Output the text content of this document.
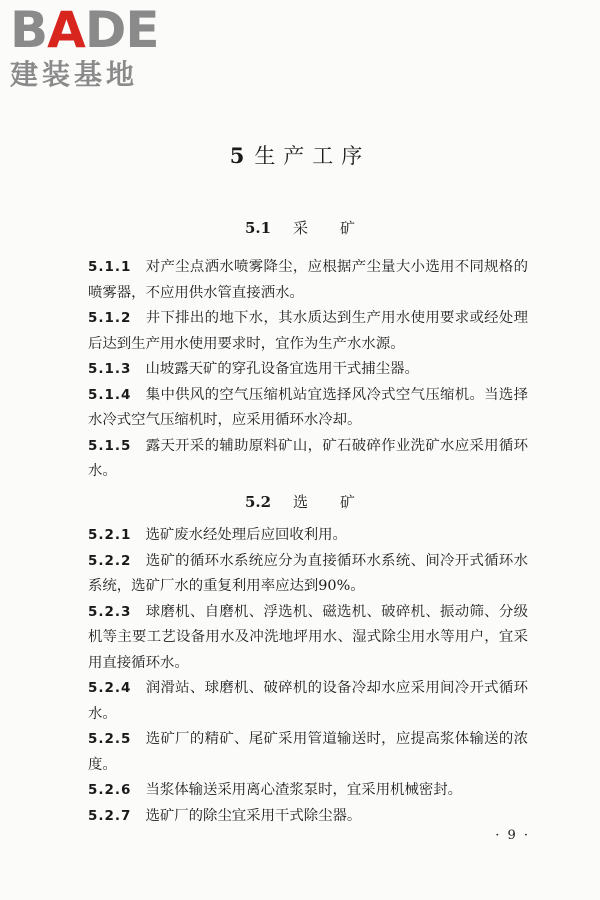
BADE
建装基地
5 生产工序
5.1 采矿
5.1.1 对产尘点洒水喷雾降尘，应根据产尘量大小选用不同规格的喷雾器，不应用供水管直接洒水。
5.1.2 井下排出的地下水，其水质达到生产用水使用要求或经处理后达到生产用水使用要求时，宜作为生产水水源。
5.1.3 山坡露天矿的穿孔设备宜选用干式捕尘器。
5.1.4 集中供风的空气压缩机站宜选择风冷式空气压缩机。当选择水冷式空气压缩机时，应采用循环水冷却。
5.1.5 露天开采的辅助原料矿山，矿石破碎作业洗矿水应采用循环水。
5.2 选矿
5.2.1 选矿废水经处理后应回收利用。
5.2.2 选矿的循环水系统应分为直接循环水系统、间冷开式循环水系统，选矿厂水的重复利用率应达到90%。
5.2.3 球磨机、自磨机、浮选机、磁选机、破碎机、振动筛、分级机等主要工艺设备用水及冲洗地坪用水、湿式除尘用水等用户，宜采用直接循环水。
5.2.4 润滑站、球磨机、破碎机的设备冷却水应采用间冷开式循环水。
5.2.5 选矿厂的精矿、尾矿采用管道输送时，应提高浆体输送的浓度。
5.2.6 当浆体输送采用离心渣浆泵时，宜采用机械密封。
5.2.7 选矿厂的除尘宜采用干式除尘器。
· 9 ·
